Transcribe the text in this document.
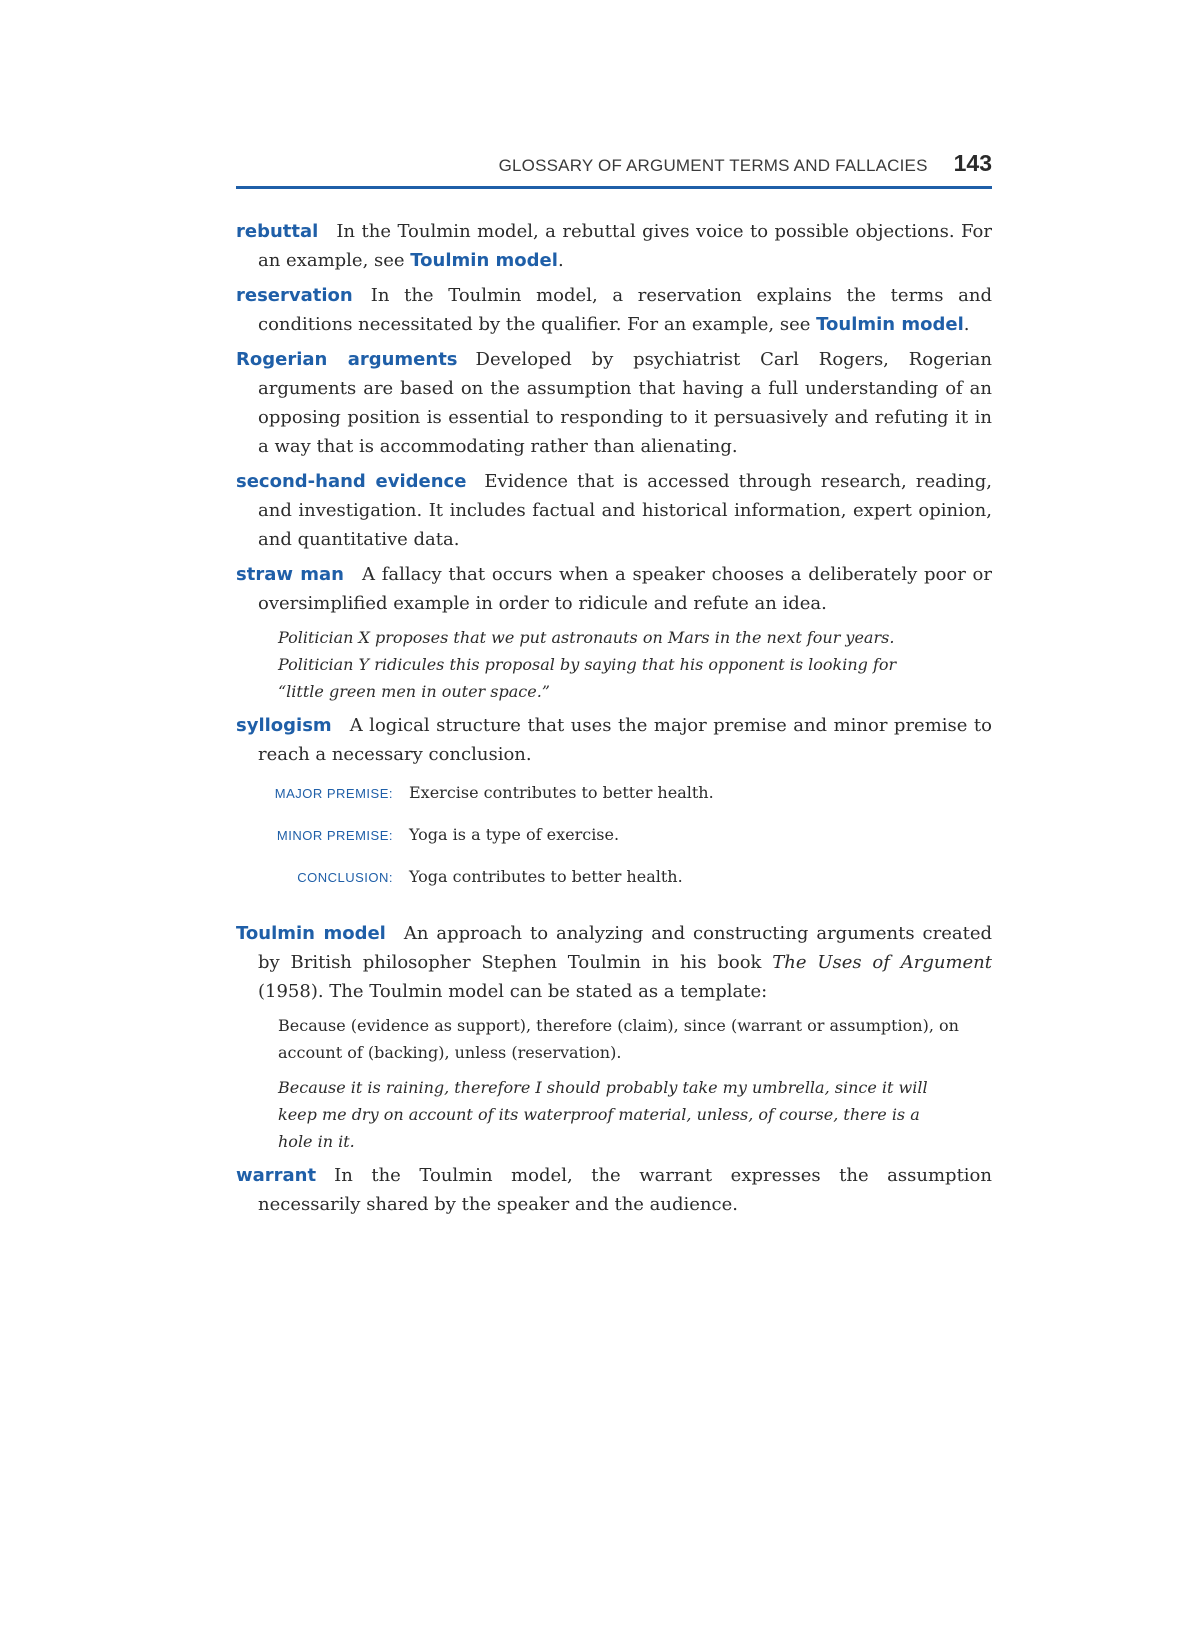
GLOSSARY OF ARGUMENT TERMS AND FALLACIES 143

rebuttal In the Toulmin model, a rebuttal gives voice to possible objections. For an example, see Toulmin model.

reservation In the Toulmin model, a reservation explains the terms and conditions necessitated by the qualifier. For an example, see Toulmin model.

Rogerian arguments Developed by psychiatrist Carl Rogers, Rogerian arguments are based on the assumption that having a full understanding of an opposing position is essential to responding to it persuasively and refuting it in a way that is accommodating rather than alienating.

second-hand evidence Evidence that is accessed through research, reading, and investigation. It includes factual and historical information, expert opinion, and quantitative data.

straw man A fallacy that occurs when a speaker chooses a deliberately poor or oversimplified example in order to ridicule and refute an idea.

Politician X proposes that we put astronauts on Mars in the next four years. Politician Y ridicules this proposal by saying that his opponent is looking for “little green men in outer space.”

syllogism A logical structure that uses the major premise and minor premise to reach a necessary conclusion.

MAJOR PREMISE:	Exercise contributes to better health.
MINOR PREMISE:	Yoga is a type of exercise.
CONCLUSION:	Yoga contributes to better health.

Toulmin model An approach to analyzing and constructing arguments created by British philosopher Stephen Toulmin in his book The Uses of Argument (1958). The Toulmin model can be stated as a template:

Because (evidence as support), therefore (claim), since (warrant or assumption), on account of (backing), unless (reservation).

Because it is raining, therefore I should probably take my umbrella, since it will keep me dry on account of its waterproof material, unless, of course, there is a hole in it.

warrant In the Toulmin model, the warrant expresses the assumption necessarily shared by the speaker and the audience.
